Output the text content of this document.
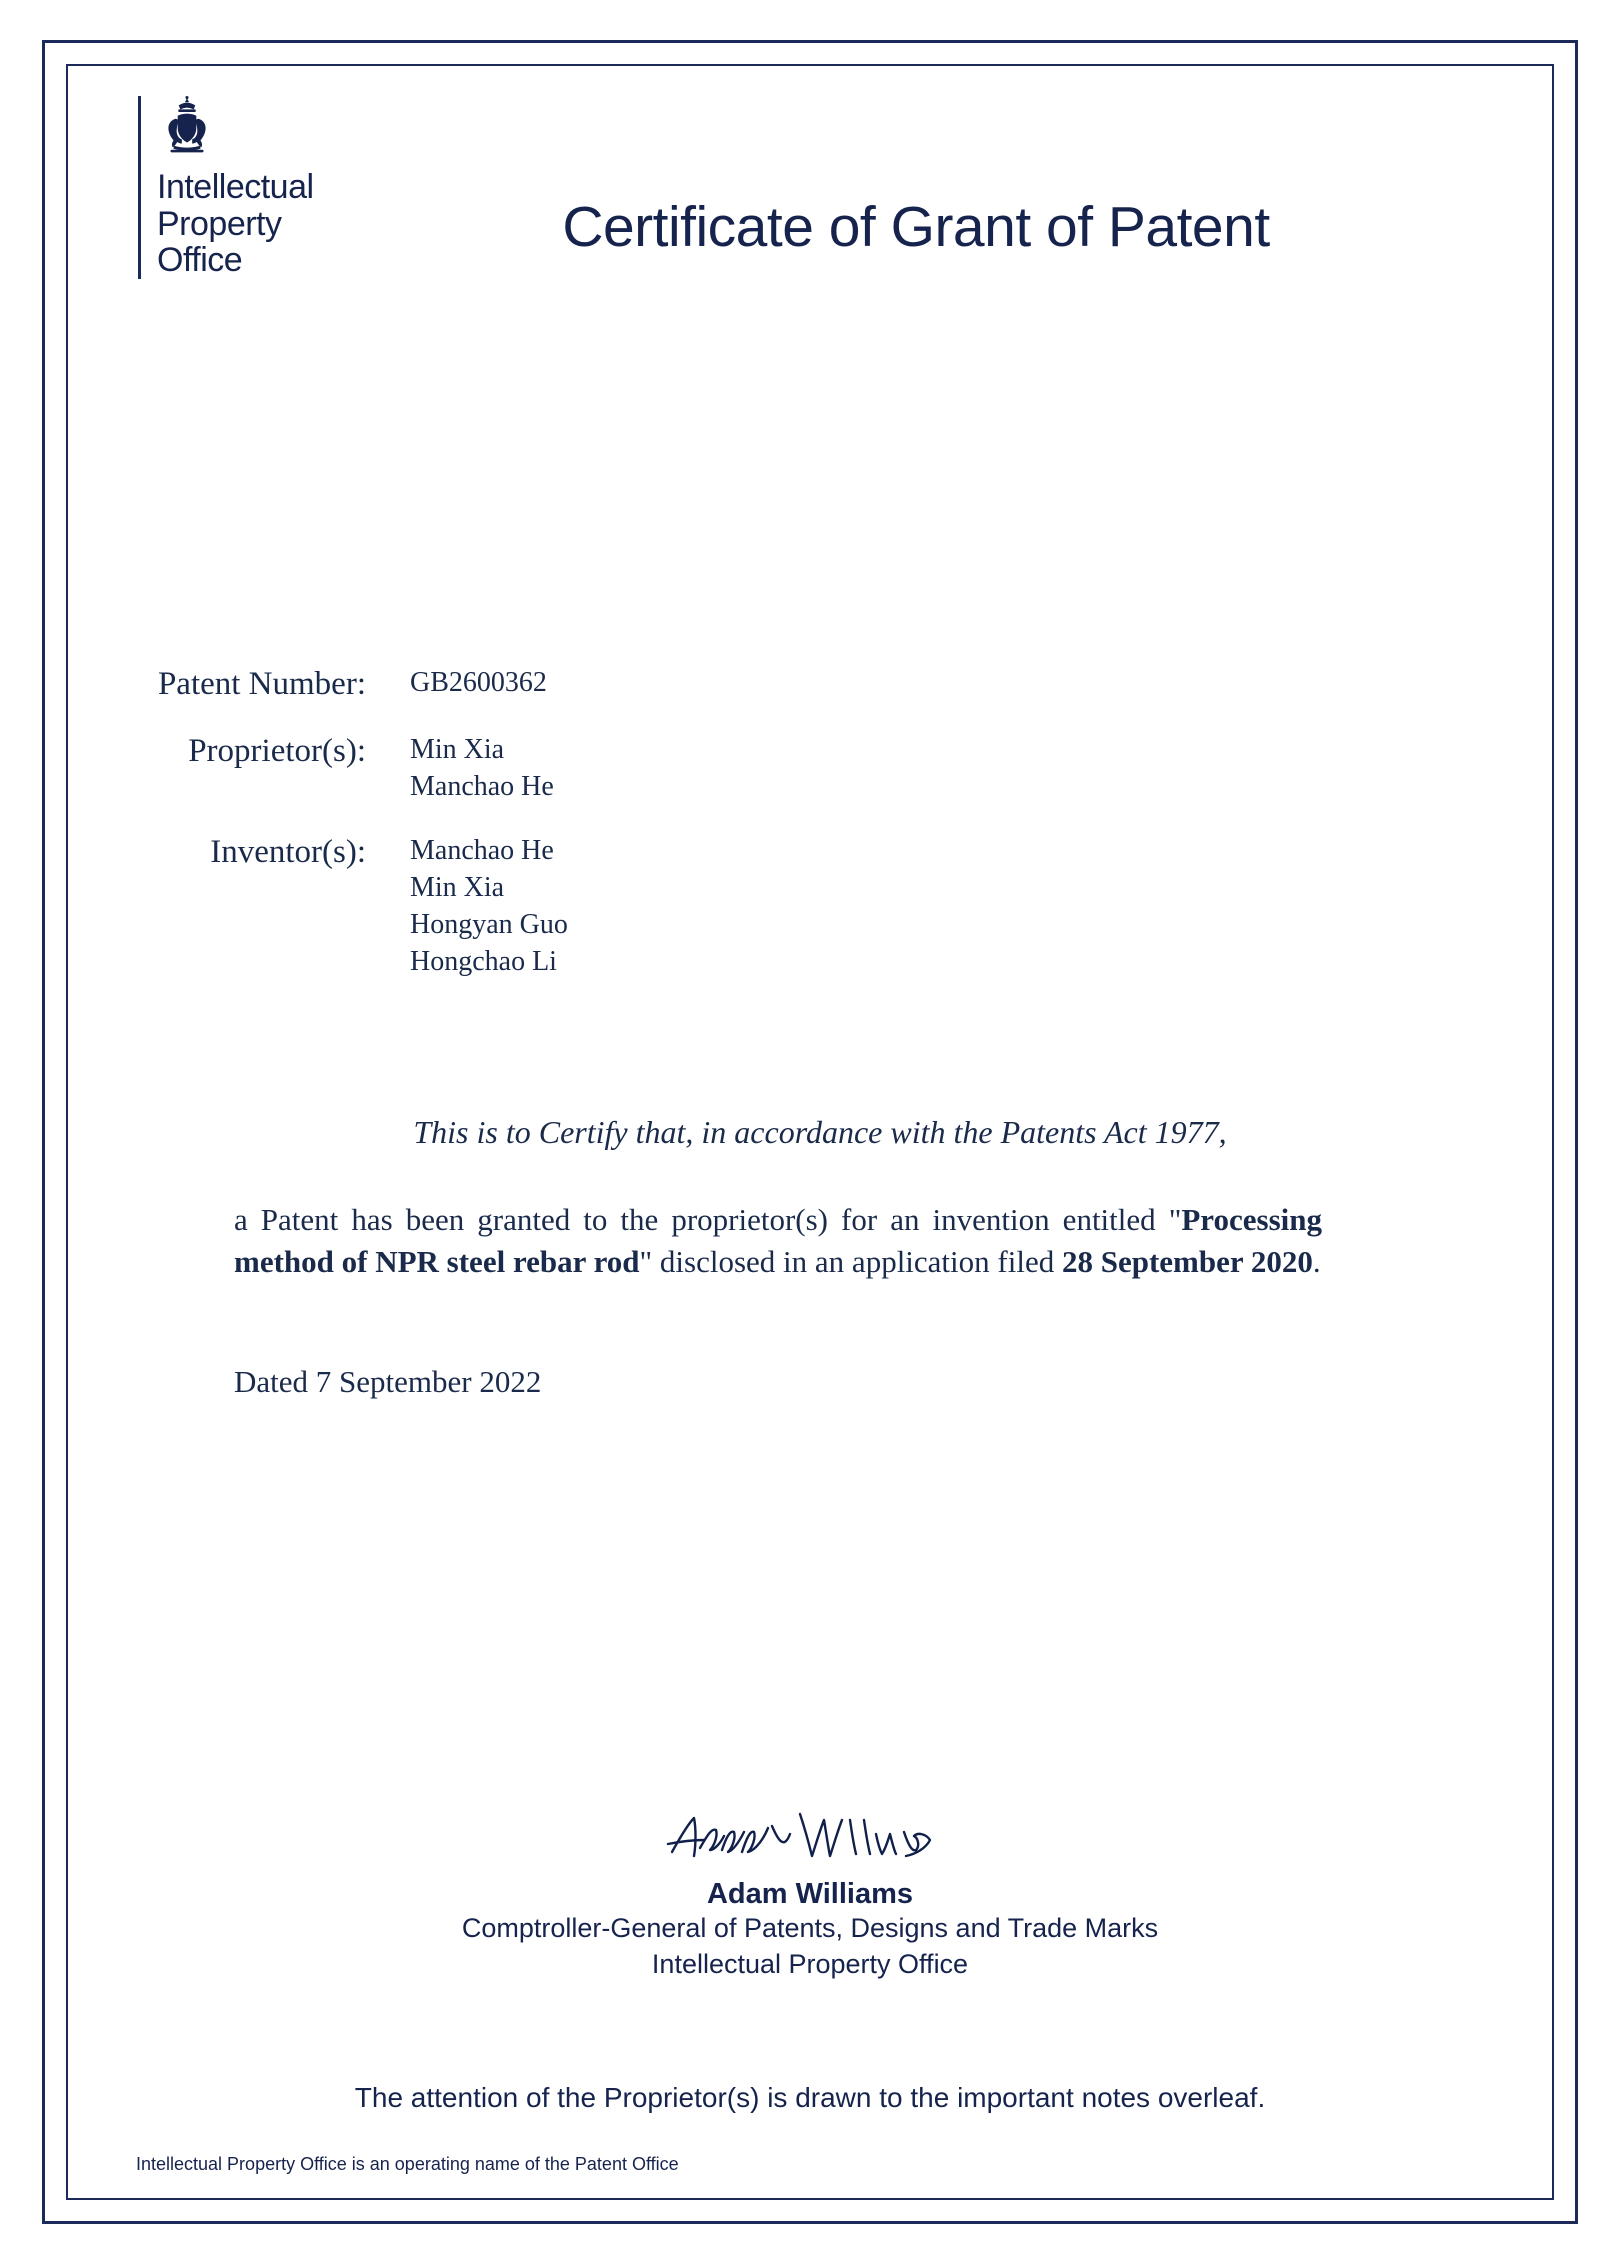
Intellectual
Property
Office
Certificate of Grant of Patent
Patent Number: GB2600362
Proprietor(s): Min Xia
Manchao He
Inventor(s): Manchao He
Min Xia
Hongyan Guo
Hongchao Li
This is to Certify that, in accordance with the Patents Act 1977,
a Patent has been granted to the proprietor(s) for an invention entitled "Processing method of NPR steel rebar rod" disclosed in an application filed 28 September 2020.
Dated 7 September 2022
Adam Williams
Comptroller-General of Patents, Designs and Trade Marks
Intellectual Property Office
The attention of the Proprietor(s) is drawn to the important notes overleaf.
Intellectual Property Office is an operating name of the Patent Office
